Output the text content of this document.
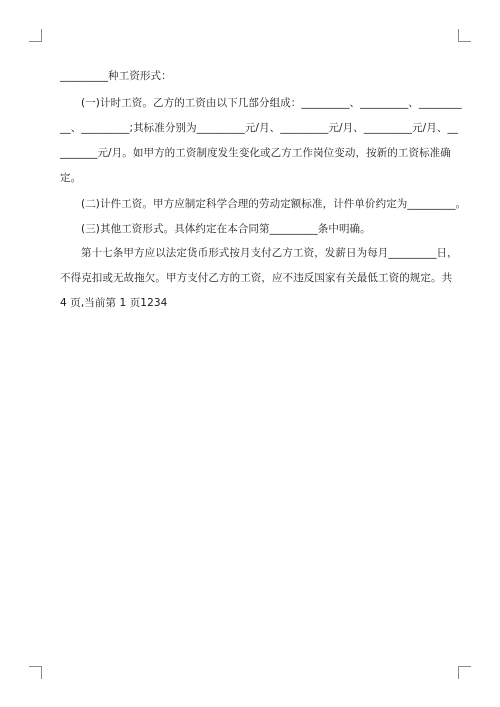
_________种工资形式：
(一)计时工资。乙方的工资由以下几部分组成：_________、_________、________
__、_________;其标准分别为_________元/月、_________元/月、_________元/月、__
_______元/月。如甲方的工资制度发生变化或乙方工作岗位变动，按新的工资标准确
定。
(二)计件工资。甲方应制定科学合理的劳动定额标准，计件单价约定为_________。
(三)其他工资形式。具体约定在本合同第_________条中明确。
第十七条甲方应以法定货币形式按月支付乙方工资，发薪日为每月_________日，
不得克扣或无故拖欠。甲方支付乙方的工资，应不违反国家有关最低工资的规定。共
4 页,当前第 1 页1234
